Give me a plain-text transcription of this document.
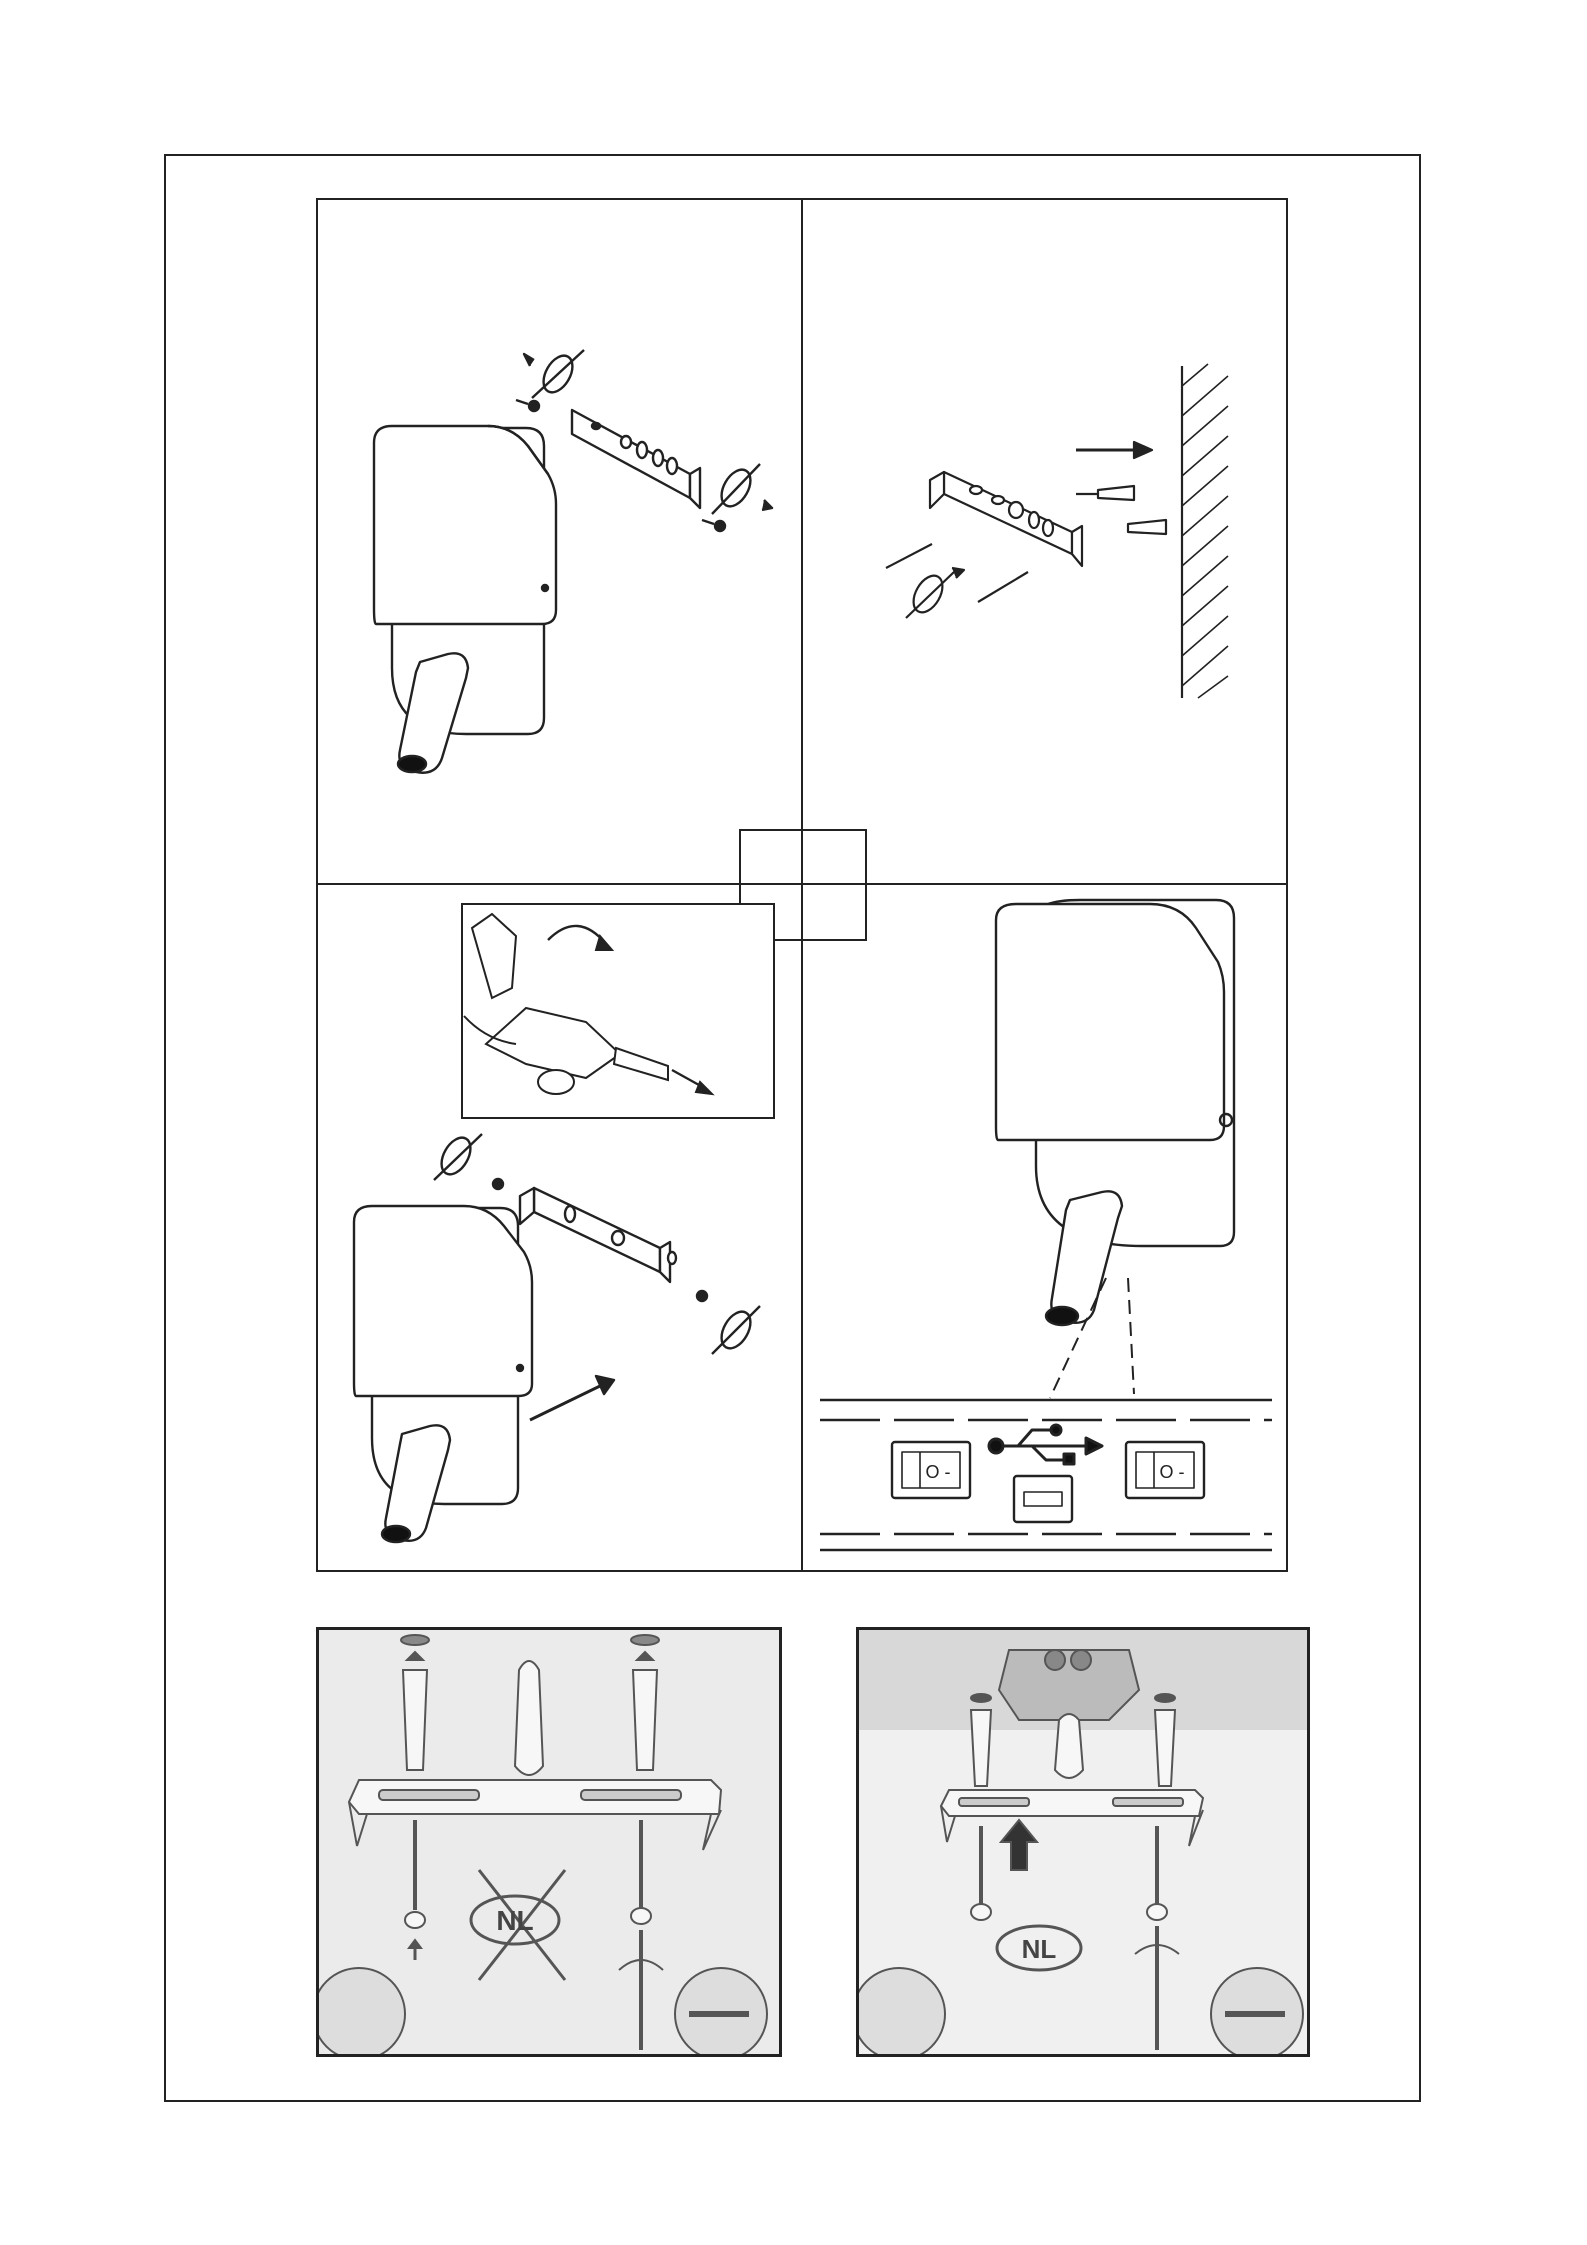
O -	O -
NL
NL
